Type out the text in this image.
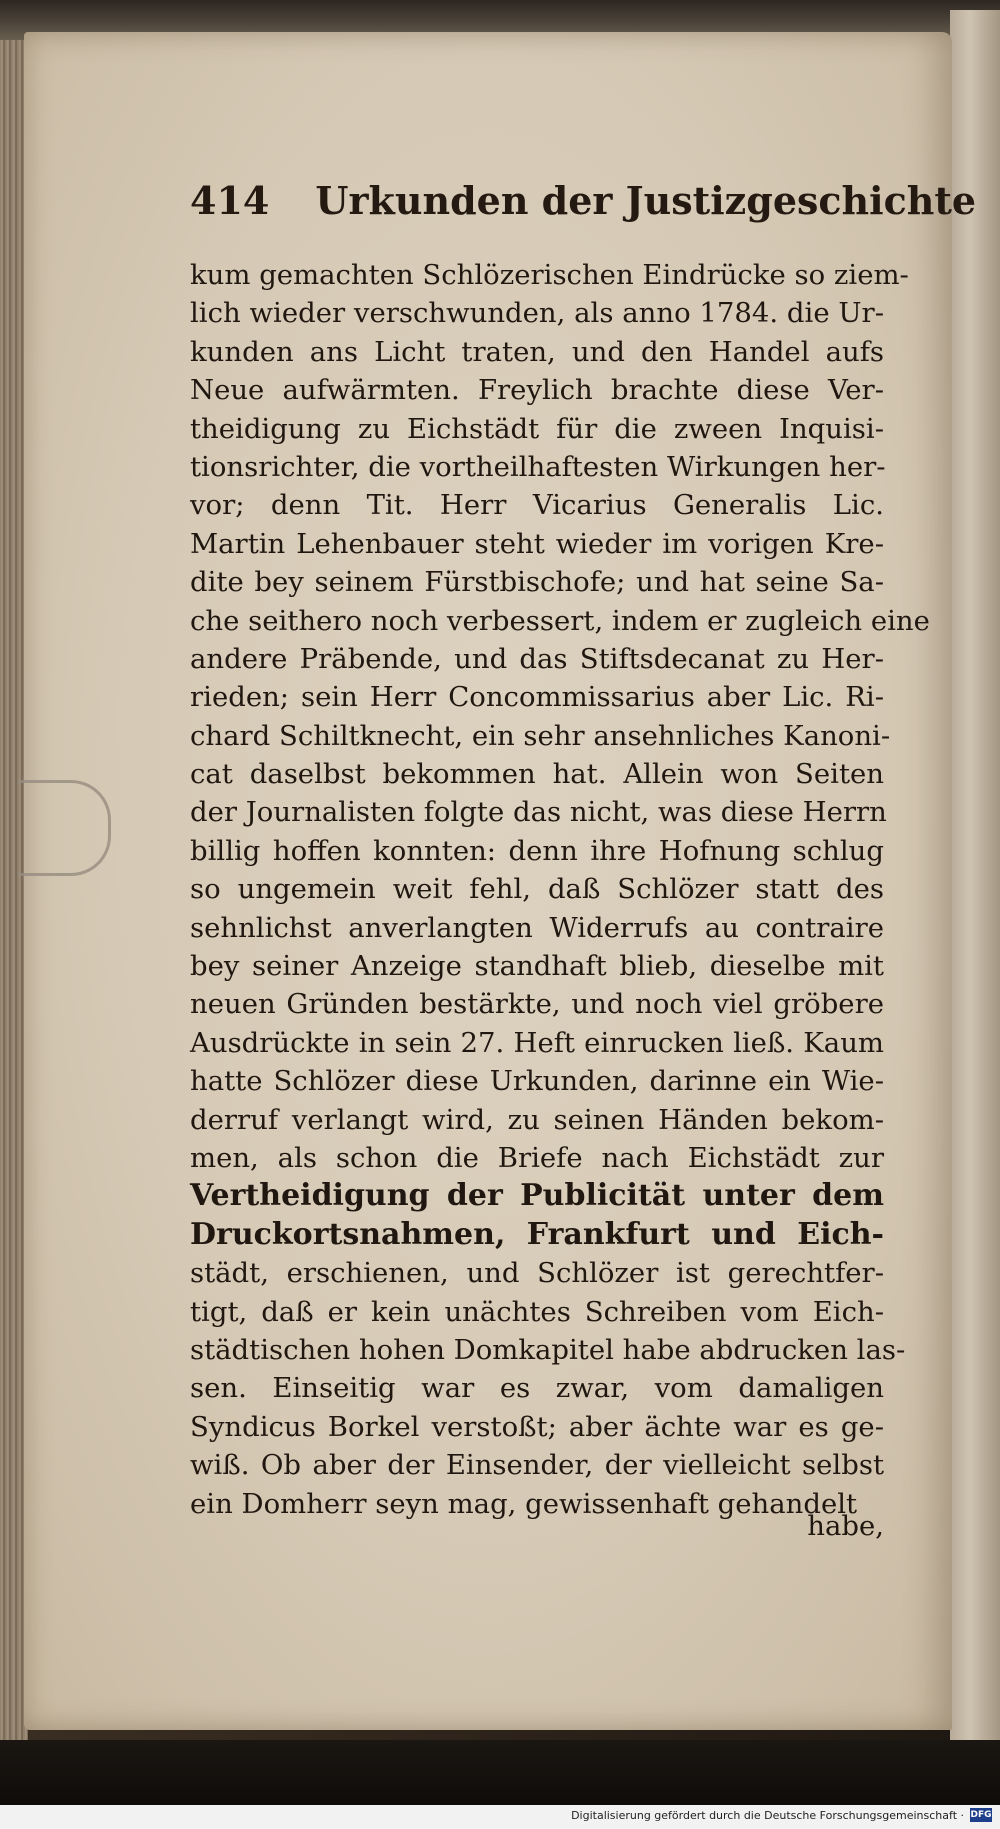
414 Urkunden der Justizgeschichte
kum gemachten Schlözerischen Eindrücke so ziem-
lich wieder verschwunden, als anno 1784. die Ur-
kunden ans Licht traten, und den Handel aufs
Neue aufwärmten. Freylich brachte diese Ver-
theidigung zu Eichstädt für die zween Inquisi-
tionsrichter, die vortheilhaftesten Wirkungen her-
vor; denn Tit. Herr Vicarius Generalis Lic.
Martin Lehenbauer steht wieder im vorigen Kre-
dite bey seinem Fürstbischofe; und hat seine Sa-
che seithero noch verbessert, indem er zugleich eine
andere Präbende, und das Stiftsdecanat zu Her-
rieden; sein Herr Concommissarius aber Lic. Ri-
chard Schiltknecht, ein sehr ansehnliches Kanoni-
cat daselbst bekommen hat. Allein won Seiten
der Journalisten folgte das nicht, was diese Herrn
billig hoffen konnten: denn ihre Hofnung schlug
so ungemein weit fehl, daß Schlözer statt des
sehnlichst anverlangten Widerrufs au contraire
bey seiner Anzeige standhaft blieb, dieselbe mit
neuen Gründen bestärkte, und noch viel gröbere
Ausdrückte in sein 27. Heft einrucken ließ. Kaum
hatte Schlözer diese Urkunden, darinne ein Wie-
derruf verlangt wird, zu seinen Händen bekom-
men, als schon die Briefe nach Eichstädt zur
Vertheidigung der Publicität unter dem
Druckortsnahmen, Frankfurt und Eich-
städt, erschienen, und Schlözer ist gerechtfer-
tigt, daß er kein unächtes Schreiben vom Eich-
städtischen hohen Domkapitel habe abdrucken las-
sen. Einseitig war es zwar, vom damaligen
Syndicus Borkel verstoßt; aber ächte war es ge-
wiß. Ob aber der Einsender, der vielleicht selbst
ein Domherr seyn mag, gewissenhaft gehandelt
habe,
Digitalisierung gefördert durch die Deutsche Forschungsgemeinschaft · DFG
